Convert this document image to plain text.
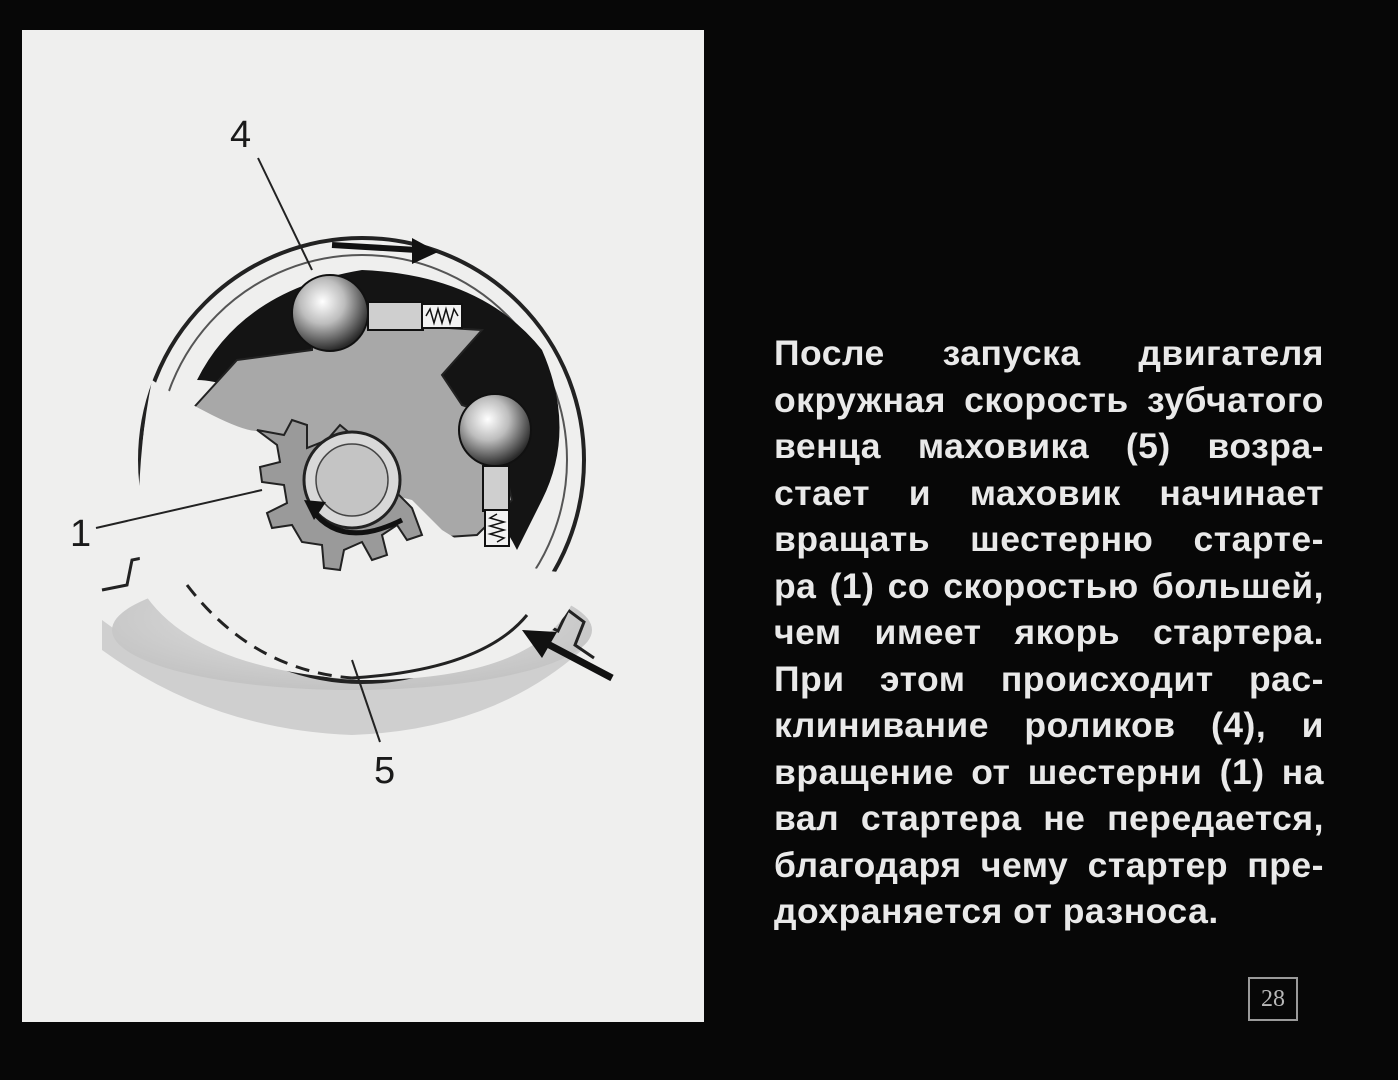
4
1
5
После запуска двигателя
окружная скорость зубчатого
венца маховика (5) возра-
стает и маховик начинает
вращать шестерню старте-
ра (1) со скоростью большей,
чем имеет якорь стартера.
При этом происходит рас-
клинивание роликов (4), и
вращение от шестерни (1) на
вал стартера не передается,
благодаря чему стартер пре-
дохраняется от разноса.
28
